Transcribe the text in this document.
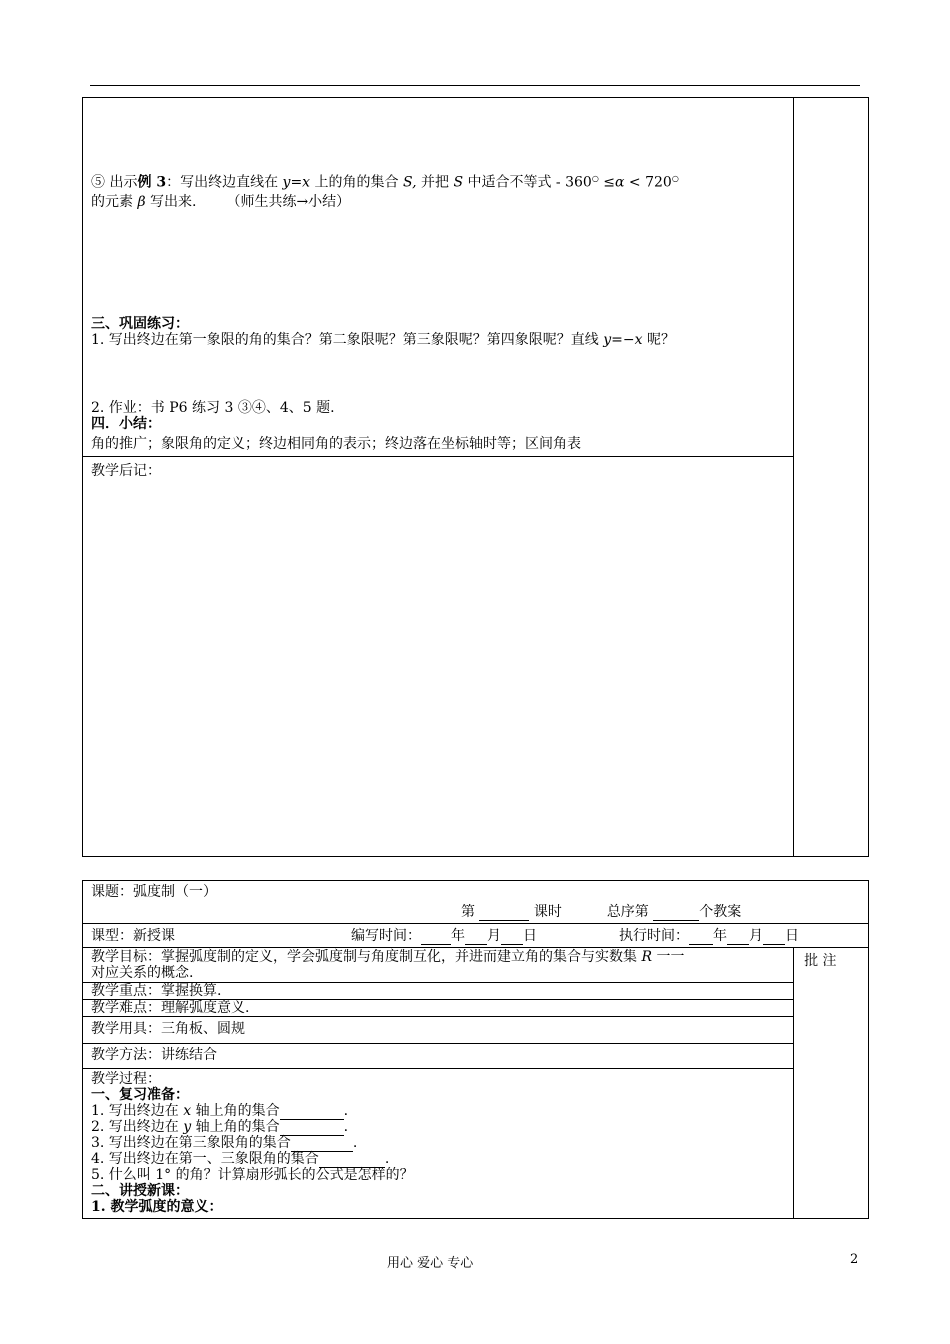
⑤ 出示例 3：写出终边直线在 y=x 上的角的集合 S, 并把 S 中适合不等式 - 360○ ≤α < 720○
的元素 β 写出来. （师生共练→小结）
三、巩固练习：
1. 写出终边在第一象限的角的集合？第二象限呢？第三象限呢？第四象限呢？直线 y=−x 呢？
2. 作业：书 P6 练习 3 ③④、4、5 题.
四．小结：
角的推广；象限角的定义；终边相同角的表示；终边落在坐标轴时等；区间角表

教学后记：
课题：弧度制（一）
第	课时	总序第	个教案

课型：新授课	编写时间： 年 月 日	执行时间： 年 月 日

教学目标：掌握弧度制的定义，学会弧度制与角度制互化，并进而建立角的集合与实数集 R 一一
对应关系的概念.

批 注

教学重点：掌握换算.

教学难点：理解弧度意义.

教学用具：三角板、圆规

教学方法：讲练结合

教学过程：
一、复习准备：
1. 写出终边在 x 轴上角的集合	.
2. 写出终边在 y 轴上角的集合	.
3. 写出终边在第三象限角的集合	.
4. 写出终边在第一、三象限角的集合	.
5. 什么叫 1° 的角？计算扇形弧长的公式是怎样的？
二、讲授新课：
1. 教学弧度的意义：
用心 爱心 专心	2
